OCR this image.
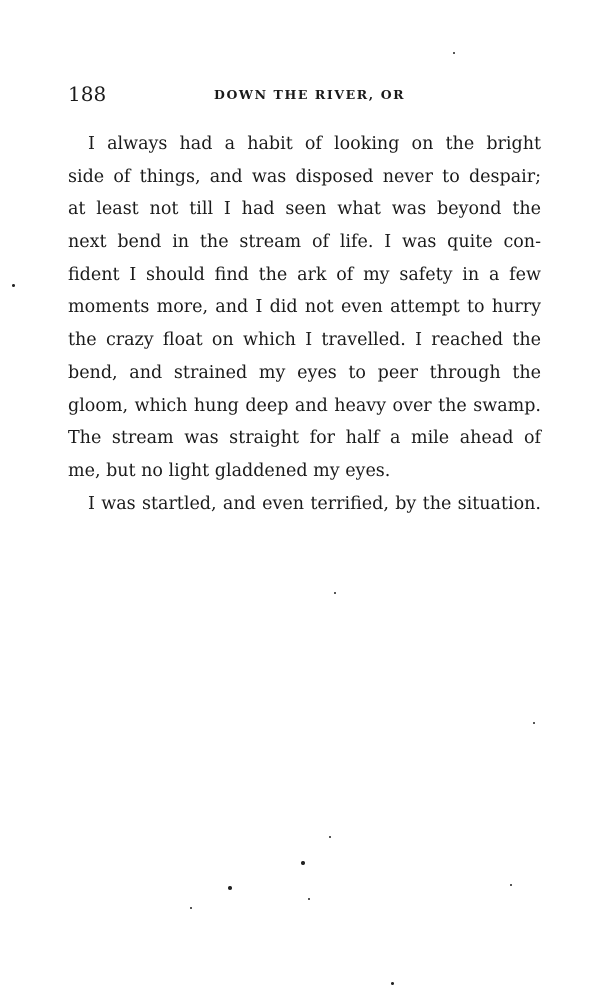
188	DOWN THE RIVER, OR
I always had a habit of looking on the bright
side of things, and was disposed never to despair;
at least not till I had seen what was beyond the
next bend in the stream of life. I was quite con-
fident I should find the ark of my safety in a few
moments more, and I did not even attempt to hurry
the crazy float on which I travelled. I reached the
bend, and strained my eyes to peer through the
gloom, which hung deep and heavy over the swamp.
The stream was straight for half a mile ahead of
me, but no light gladdened my eyes.
I was startled, and even terrified, by the situation.
